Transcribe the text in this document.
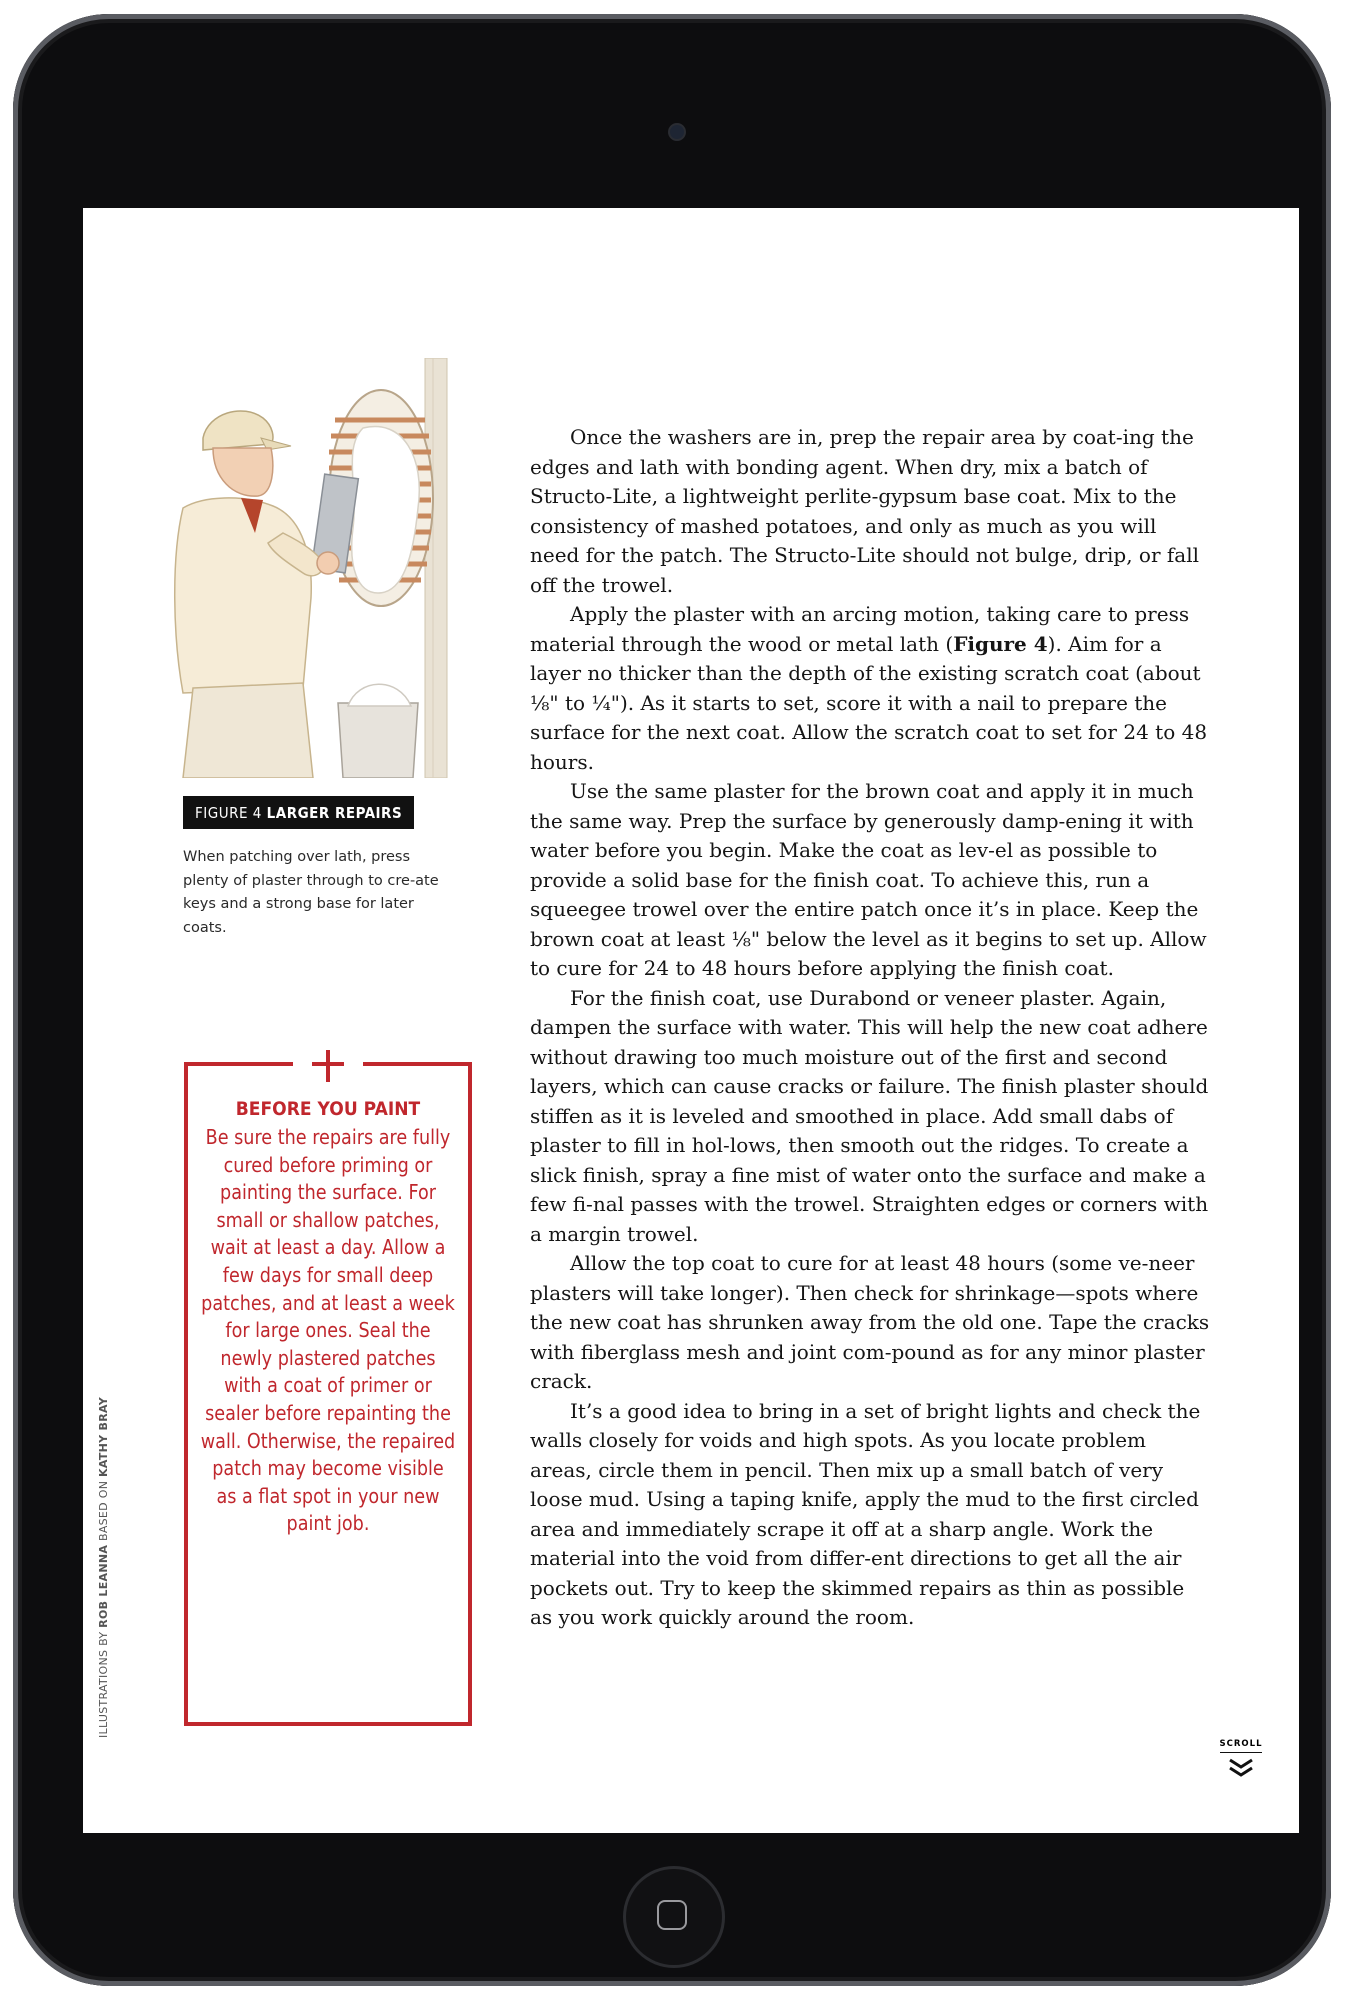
FIGURE 4 LARGER REPAIRS
When patching over lath, press plenty of plaster through to cre-ate keys and a strong base for later coats.
BEFORE YOU PAINT
Be sure the repairs are fully cured before priming or painting the surface. For small or shallow patches, wait at least a day. Allow a few days for small deep patches, and at least a week for large ones. Seal the newly plastered patches with a coat of primer or sealer before repainting the wall. Otherwise, the repaired patch may become visible as a flat spot in your new paint job.
ILLUSTRATIONS BY ROB LEANNA BASED ON KATHY BRAY

Once the washers are in, prep the repair area by coat-ing the edges and lath with bonding agent. When dry, mix a batch of Structo-Lite, a lightweight perlite-gypsum base coat. Mix to the consistency of mashed potatoes, and only as much as you will need for the patch. The Structo-Lite should not bulge, drip, or fall off the trowel.

Apply the plaster with an arcing motion, taking care to press material through the wood or metal lath (Figure 4). Aim for a layer no thicker than the depth of the existing scratch coat (about ⅛" to ¼"). As it starts to set, score it with a nail to prepare the surface for the next coat. Allow the scratch coat to set for 24 to 48 hours.

Use the same plaster for the brown coat and apply it in much the same way. Prep the surface by generously damp-ening it with water before you begin. Make the coat as lev-el as possible to provide a solid base for the finish coat. To achieve this, run a squeegee trowel over the entire patch once it’s in place. Keep the brown coat at least ⅛" below the level as it begins to set up. Allow to cure for 24 to 48 hours before applying the finish coat.

For the finish coat, use Durabond or veneer plaster. Again, dampen the surface with water. This will help the new coat adhere without drawing too much moisture out of the first and second layers, which can cause cracks or failure. The finish plaster should stiffen as it is leveled and smoothed in place. Add small dabs of plaster to fill in hol-lows, then smooth out the ridges. To create a slick finish, spray a fine mist of water onto the surface and make a few fi-nal passes with the trowel. Straighten edges or corners with a margin trowel.

Allow the top coat to cure for at least 48 hours (some ve-neer plasters will take longer). Then check for shrinkage—spots where the new coat has shrunken away from the old one. Tape the cracks with fiberglass mesh and joint com-pound as for any minor plaster crack.

It’s a good idea to bring in a set of bright lights and check the walls closely for voids and high spots. As you locate problem areas, circle them in pencil. Then mix up a small batch of very loose mud. Using a taping knife, apply the mud to the first circled area and immediately scrape it off at a sharp angle. Work the material into the void from differ-ent directions to get all the air pockets out. Try to keep the skimmed repairs as thin as possible as you work quickly around the room.

SCROLL
